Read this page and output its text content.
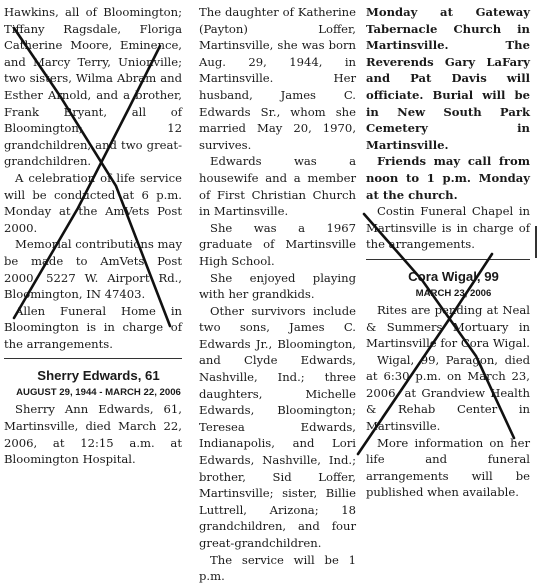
Hawkins, all of Bloomington; Tiffany Ragsdale, Floriga Catherine Moore, Eminence, and Marcy Terry, Unionville; two sisters, Wilma Abram and Esther Arnold, and a brother, Frank Bryant, all of Bloomington; 12 grandchildren, and two great-grandchildren.

A celebration of life service will be conducted at 6 p.m. Monday at the AmVets Post 2000.

Memorial contributions may be made to AmVets Post 2000, 5227 W. Airport Rd., Bloomington, IN 47403.

Allen Funeral Home in Bloomington is in charge of the arrangements.

Sherry Edwards, 61

AUGUST 29, 1944 - MARCH 22, 2006

Sherry Ann Edwards, 61, Martinsville, died March 22, 2006, at 12:15 a.m. at Bloomington Hospital.

The daughter of Katherine (Payton) Loffer, Martinsville, she was born Aug. 29, 1944, in Martinsville. Her husband, James C. Edwards Sr., whom she married May 20, 1970, survives.

Edwards was a housewife and a member of First Christian Church in Martinsville.

She was a 1967 graduate of Martinsville High School.

She enjoyed playing with her grandkids.

Other survivors include two sons, James C. Edwards Jr., Bloomington, and Clyde Edwards, Nashville, Ind.; three daughters, Michelle Edwards, Bloomington; Teresea Edwards, Indianapolis, and Lori Edwards, Nashville, Ind.; brother, Sid Loffer, Martinsville; sister, Billie Luttrell, Arizona; 18 grandchildren, and four great-grandchildren.

The service will be 1 p.m.

Monday at Gateway Tabernacle Church in Martinsville. The Reverends Gary LaFary and Pat Davis will officiate. Burial will be in New South Park Cemetery in Martinsville.

Friends may call from noon to 1 p.m. Monday at the church.

Costin Funeral Chapel in Martinsville is in charge of the arrangements.

Cora Wigal, 99

MARCH 23, 2006

Rites are pending at Neal & Summers Mortuary in Martinsville for Cora Wigal.

Wigal, 99, Paragon, died at 6:30 p.m. on March 23, 2006, at Grandview Health & Rehab Center in Martinsville.

More information on her life and funeral arrangements will be published when available.
